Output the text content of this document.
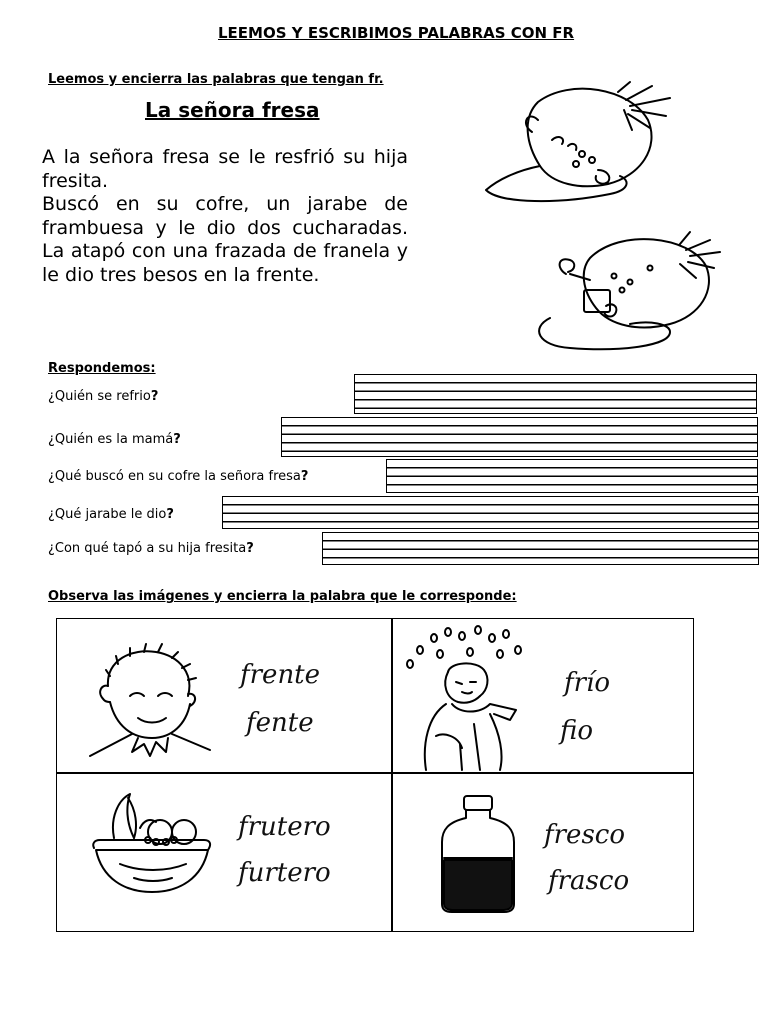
LEEMOS Y ESCRIBIMOS PALABRAS CON FR
Leemos y encierra las palabras que tengan fr.
La señora fresa

A la señora fresa se le resfrió su hija fresita.

Buscó en su cofre, un jarabe de frambuesa y le dio dos cucharadas.

La atapó con una frazada de franela y le dio tres besos en la frente.

Respondemos:
¿Quién se refrio?
¿Quién es la mamá?
¿Qué buscó en su cofre la señora fresa?
¿Qué jarabe le dio?
¿Con qué tapó a su hija fresita?
Observa las imágenes y encierra la palabra que le corresponde:
frente
fente
frío
fio
frutero
furtero
fresco
frasco
